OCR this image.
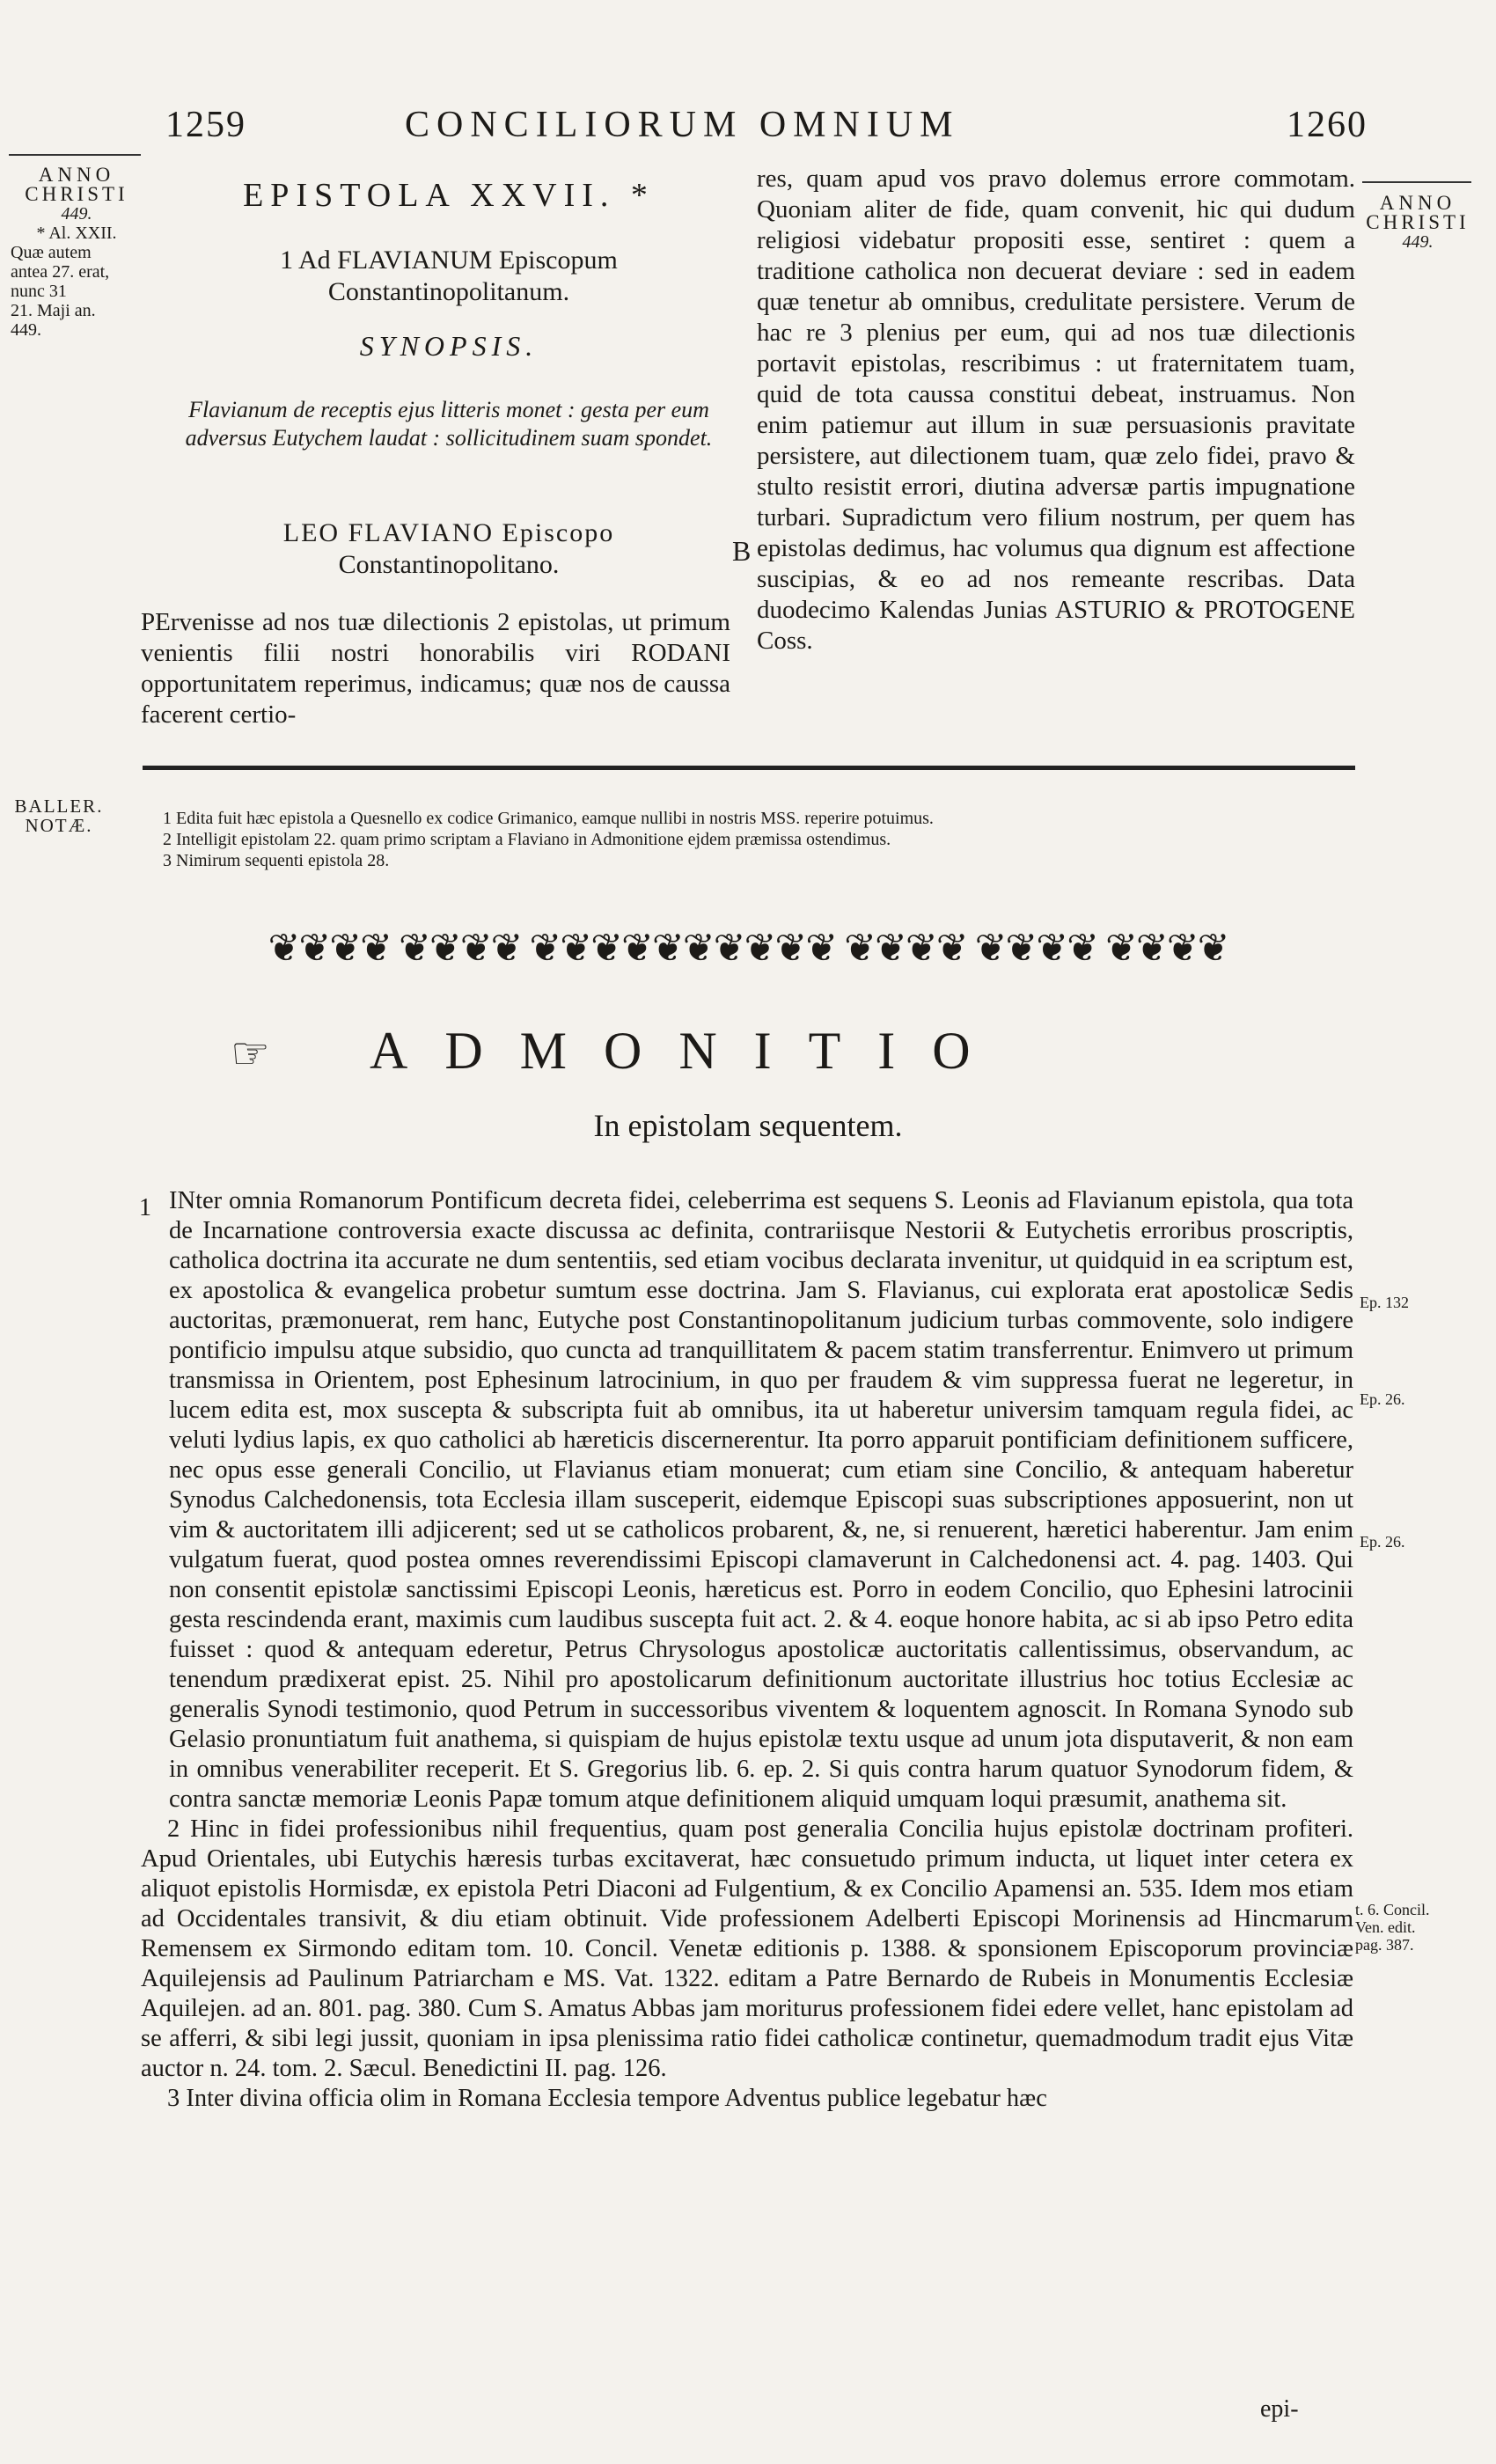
1259	CONCILIORUM OMNIUM	1260
ANNO
CHRISTI
449.
* Al. XXII.
Quæ autem
antea 27. erat,
nunc 31
21. Maji an.
449.
ANNO
CHRISTI
449.
EPISTOLA XXVII. *
1 Ad FLAVIANUM Episcopum
Constantinopolitanum.
SYNOPSIS.
Flavianum de receptis ejus litteris monet : gesta per eum adversus Eutychem laudat : sollicitudinem suam spondet.
LEO FLAVIANO Episcopo
Constantinopolitano.
PErvenisse ad nos tuæ dilectionis 2 epistolas, ut primum venientis filii nostri honorabilis viri RODANI opportunitatem reperimus, indicamus; quæ nos de caussa facerent certio-
res, quam apud vos pravo dolemus errore commotam. Quoniam aliter de fide, quam convenit, hic qui dudum religiosi videbatur propositi esse, sentiret : quem a traditione catholica non decuerat deviare : sed in eadem quæ tenetur ab omnibus, credulitate persistere. Verum de hac re 3 plenius per eum, qui ad nos tuæ dilectionis portavit epistolas, rescribimus : ut fraternitatem tuam, quid de tota caussa constitui debeat, instruamus. Non enim patiemur aut illum in suæ persuasionis pravitate persistere, aut dilectionem tuam, quæ zelo fidei, pravo & stulto resistit errori, diutina adversæ partis impugnatione turbari. Supradictum vero filium nostrum, per quem has epistolas dedimus, hac volumus qua dignum est affectione suscipias, & eo ad nos remeante rescribas. Data duodecimo Kalendas Junias ASTURIO & PROTOGENE Coss.
B
BALLER.
NOTÆ.	1 Edita fuit hæc epistola a Quesnello ex codice Grimanico, eamque nullibi in nostris MSS. reperire potuimus.
2 Intelligit epistolam 22. quam primo scriptam a Flaviano in Admonitione ejdem præmissa ostendimus.
3 Nimirum sequenti epistola 28.
❦❦❦❦ ❦❦❦❦ ❦❦❦❦❦❦❦❦❦❦ ❦❦❦❦ ❦❦❦❦ ❦❦❦❦
☞ ADMONITIO
In epistolam sequentem.
1 INter omnia Romanorum Pontificum decreta fidei, celeberrima est sequens S. Leonis ad Flavianum epistola, qua tota de Incarnatione controversia exacte discussa ac definita, contrariisque Nestorii & Eutychetis erroribus proscriptis, catholica doctrina ita accurate ne dum sententiis, sed etiam vocibus declarata invenitur, ut quidquid in ea scriptum est, ex apostolica & evangelica probetur sumtum esse doctrina. Jam S. Flavianus, cui explorata erat apostolicæ Sedis auctoritas, præmonuerat, rem hanc, Eutyche post Constantinopolitanum judicium turbas commovente, solo indigere pontificio impulsu atque subsidio, quo cuncta ad tranquillitatem & pacem statim transferrentur. Enimvero ut primum transmissa in Orientem, post Ephesinum latrocinium, in quo per fraudem & vim suppressa fuerat ne legeretur, in lucem edita est, mox suscepta & subscripta fuit ab omnibus, ita ut haberetur universim tamquam regula fidei, ac veluti lydius lapis, ex quo catholici ab hæreticis discernerentur. Ita porro apparuit pontificiam definitionem sufficere, nec opus esse generali Concilio, ut Flavianus etiam monuerat; cum etiam sine Concilio, & antequam haberetur Synodus Calchedonensis, tota Ecclesia illam susceperit, eidemque Episcopi suas subscriptiones apposuerint, non ut vim & auctoritatem illi adjicerent; sed ut se catholicos probarent, &, ne, si renuerent, hæretici haberentur. Jam enim vulgatum fuerat, quod postea omnes reverendissimi Episcopi clamaverunt in Calchedonensi act. 4. pag. 1403. Qui non consentit epistolæ sanctissimi Episcopi Leonis, hæreticus est. Porro in eodem Concilio, quo Ephesini latrocinii gesta rescindenda erant, maximis cum laudibus suscepta fuit act. 2. & 4. eoque honore habita, ac si ab ipso Petro edita fuisset : quod & antequam ederetur, Petrus Chrysologus apostolicæ auctoritatis callentissimus, observandum, ac tenendum prædixerat epist. 25. Nihil pro apostolicarum definitionum auctoritate illustrius hoc totius Ecclesiæ ac generalis Synodi testimonio, quod Petrum in successoribus viventem & loquentem agnoscit. In Romana Synodo sub Gelasio pronuntiatum fuit anathema, si quispiam de hujus epistolæ textu usque ad unum jota disputaverit, & non eam in omnibus venerabiliter receperit. Et S. Gregorius lib. 6. ep. 2. Si quis contra harum quatuor Synodorum fidem, & contra sanctæ memoriæ Leonis Papæ tomum atque definitionem aliquid umquam loqui præsumit, anathema sit.

2 Hinc in fidei professionibus nihil frequentius, quam post generalia Concilia hujus epistolæ doctrinam profiteri. Apud Orientales, ubi Eutychis hæresis turbas excitaverat, hæc consuetudo primum inducta, ut liquet inter cetera ex aliquot epistolis Hormisdæ, ex epistola Petri Diaconi ad Fulgentium, & ex Concilio Apamensi an. 535. Idem mos etiam ad Occidentales transivit, & diu etiam obtinuit. Vide professionem Adelberti Episcopi Morinensis ad Hincmarum Remensem ex Sirmondo editam tom. 10. Concil. Venetæ editionis p. 1388. & sponsionem Episcoporum provinciæ Aquilejensis ad Paulinum Patriarcham e MS. Vat. 1322. editam a Patre Bernardo de Rubeis in Monumentis Ecclesiæ Aquilejen. ad an. 801. pag. 380. Cum S. Amatus Abbas jam moriturus professionem fidei edere vellet, hanc epistolam ad se afferri, & sibi legi jussit, quoniam in ipsa plenissima ratio fidei catholicæ continetur, quemadmodum tradit ejus Vitæ auctor n. 24. tom. 2. Sæcul. Benedictini II. pag. 126.

3 Inter divina officia olim in Romana Ecclesia tempore Adventus publice legebatur hæc

epi-
Ep. 132
Ep. 26.
Ep. 26.
t. 6. Concil.
Ven. edit.
pag. 387.
